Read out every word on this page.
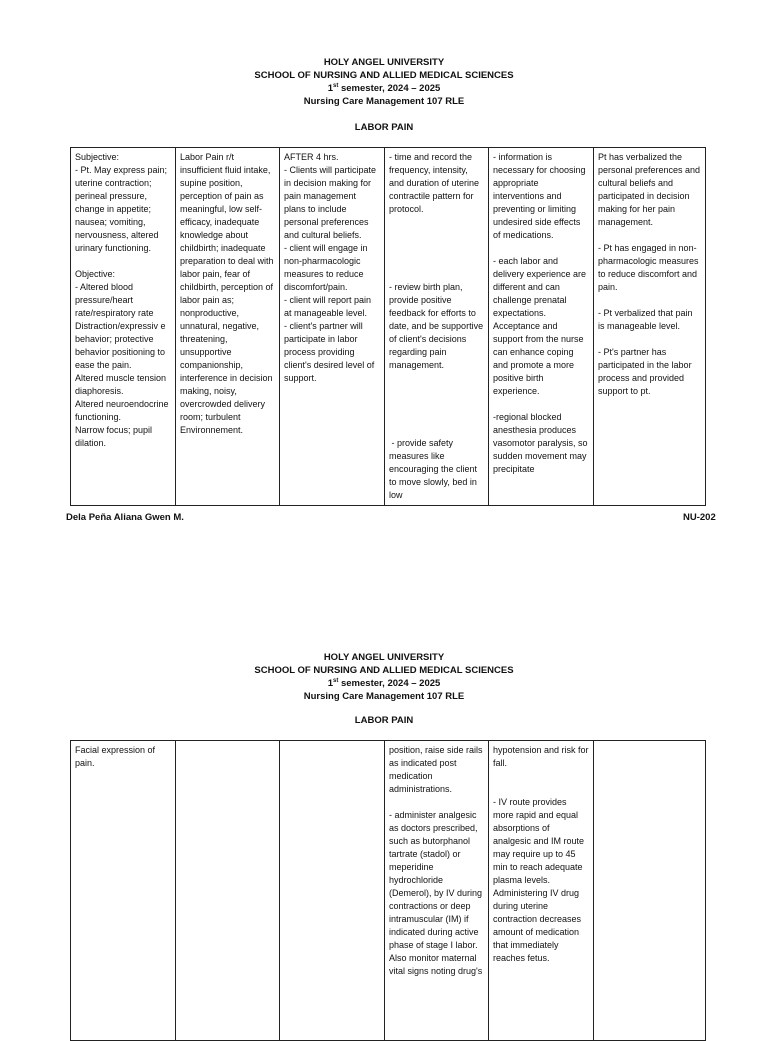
HOLY ANGEL UNIVERSITY
SCHOOL OF NURSING AND ALLIED MEDICAL SCIENCES
1st semester, 2024 – 2025
Nursing Care Management 107 RLE
LABOR PAIN
Subjective:
- Pt. May express pain; uterine contraction; perineal pressure, change in appetite; nausea; vomiting, nervousness, altered urinary functioning.

Objective:
- Altered blood pressure/heart rate/respiratory rate
Distraction/expressiv e behavior; protective behavior positioning to ease the pain.
Altered muscle tension diaphoresis.
Altered neuroendocrine functioning.
Narrow focus; pupil dilation.	Labor Pain r/t insufficient fluid intake, supine position, perception of pain as meaningful, low self-efficacy, inadequate knowledge about childbirth; inadequate preparation to deal with labor pain, fear of childbirth, perception of labor pain as;
nonproductive, unnatural, negative, threatening, unsupportive companionship, interference in decision making, noisy, overcrowded delivery room; turbulent Environnement.	AFTER 4 hrs.
- Clients will participate in decision making for pain management plans to include personal preferences and cultural beliefs.
- client will engage in non-pharmacologic measures to reduce discomfort/pain.
- client will report pain at manageable level.
- client's partner will participate in labor process providing client's desired level of support.	- time and record the frequency, intensity, and duration of uterine contractile pattern for protocol.

- review birth plan, provide positive feedback for efforts to date, and be supportive of client's decisions regarding pain management.

- provide safety measures like encouraging the client to move slowly, bed in low	- information is necessary for choosing appropriate interventions and preventing or limiting undesired side effects of medications.

- each labor and delivery experience are different and can challenge prenatal expectations.
Acceptance and support from the nurse can enhance coping and promote a more positive birth experience.

-regional blocked anesthesia produces vasomotor paralysis, so sudden movement may precipitate	Pt has verbalized the personal preferences and cultural beliefs and participated in decision making for her pain management.

- Pt has engaged in non-pharmacologic measures to reduce discomfort and pain.

- Pt verbalized that pain is manageable level.

- Pt's partner has participated in the labor process and provided support to pt.
Dela Peña Aliana Gwen M.	NU-202
HOLY ANGEL UNIVERSITY
SCHOOL OF NURSING AND ALLIED MEDICAL SCIENCES
1st semester, 2024 – 2025
Nursing Care Management 107 RLE
LABOR PAIN
Facial expression of pain.			position, raise side rails as indicated post medication administrations.

- administer analgesic as doctors prescribed, such as butorphanol tartrate (stadol) or meperidine hydrochloride (Demerol), by IV during contractions or deep intramuscular (IM) if indicated during active phase of stage I labor.
Also monitor maternal vital signs noting drug's	hypotension and risk for fall.

- IV route provides more rapid and equal absorptions of analgesic and IM route may require up to 45 min to reach adequate plasma levels. Administering IV drug during uterine contraction decreases amount of medication that immediately reaches fetus.	
